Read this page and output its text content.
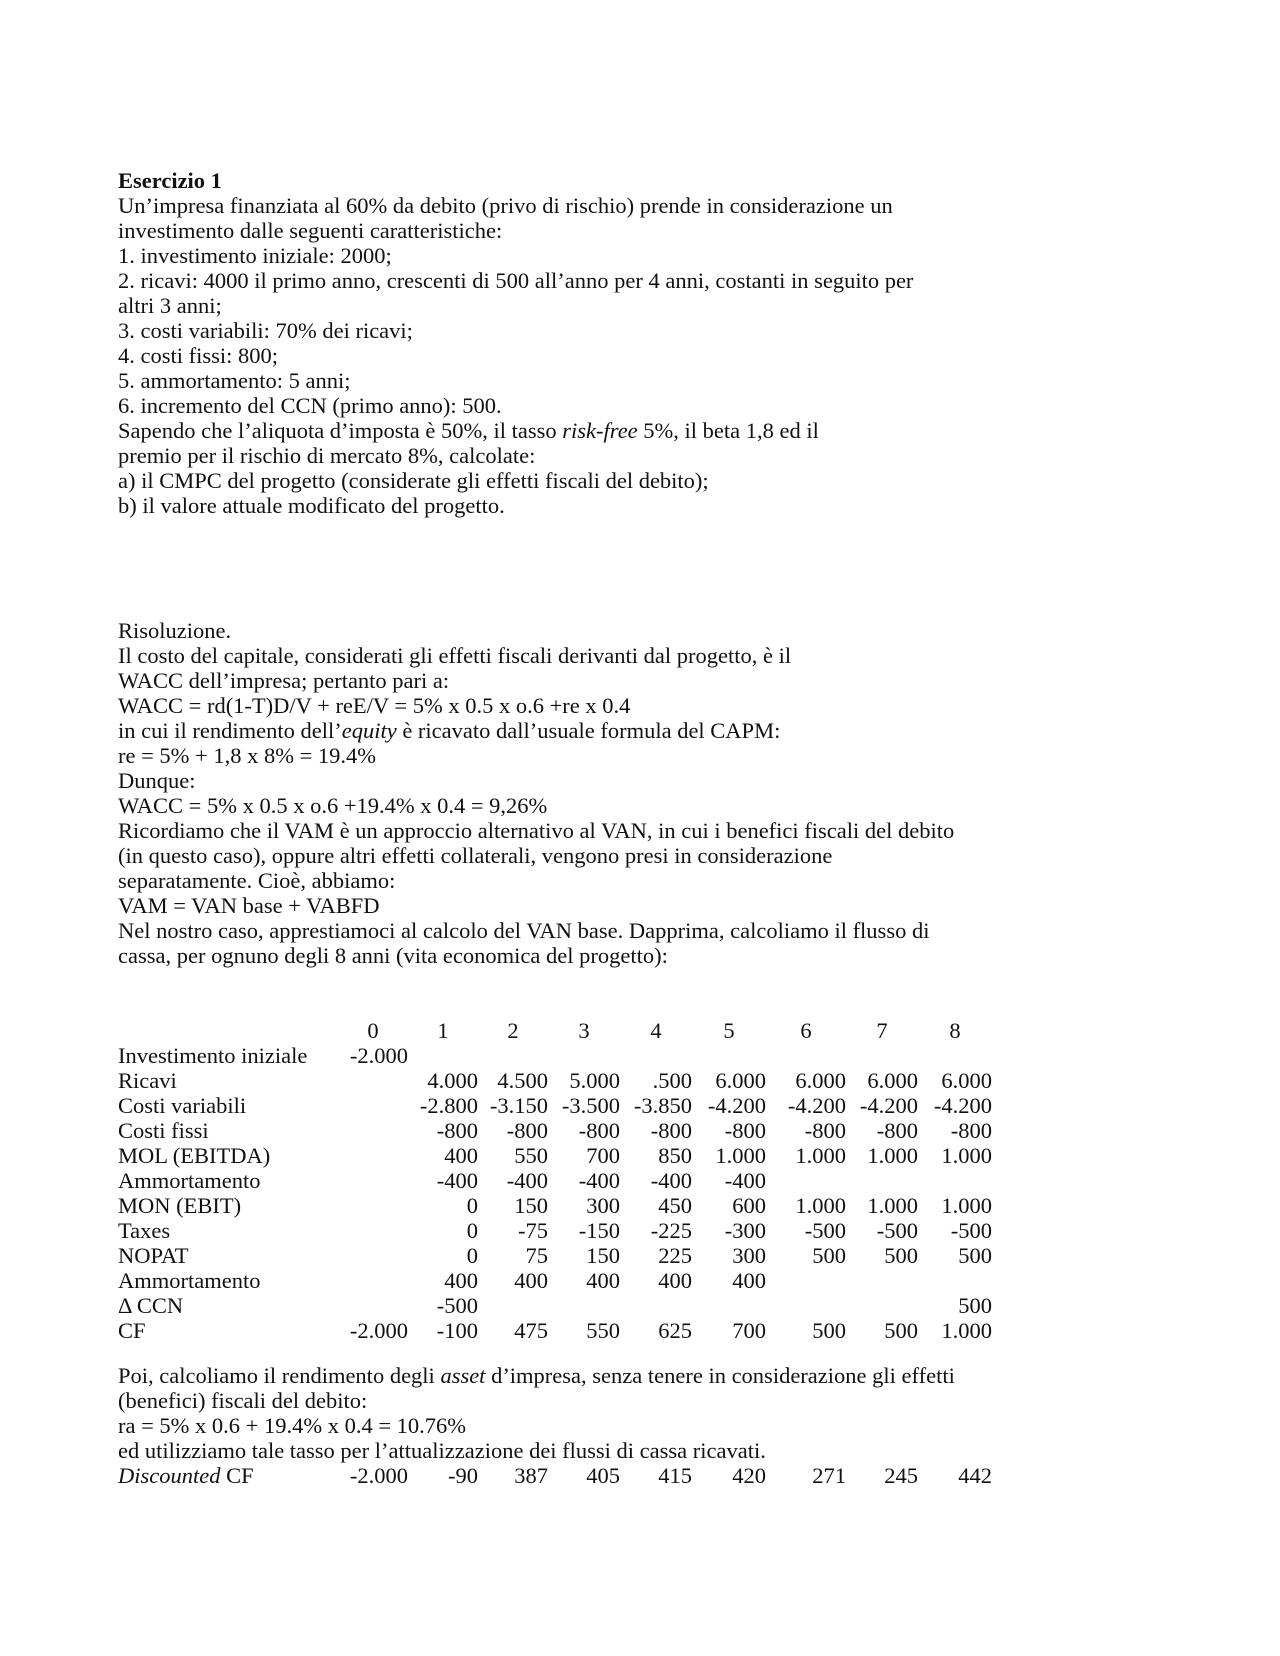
Esercizio 1
Un’impresa finanziata al 60% da debito (privo di rischio) prende in considerazione un
investimento dalle seguenti caratteristiche:
1. investimento iniziale: 2000;
2. ricavi: 4000 il primo anno, crescenti di 500 all’anno per 4 anni, costanti in seguito per
altri 3 anni;
3. costi variabili: 70% dei ricavi;
4. costi fissi: 800;
5. ammortamento: 5 anni;
6. incremento del CCN (primo anno): 500.
Sapendo che l’aliquota d’imposta è 50%, il tasso risk-free 5%, il beta 1,8 ed il
premio per il rischio di mercato 8%, calcolate:
a) il CMPC del progetto (considerate gli effetti fiscali del debito);
b) il valore attuale modificato del progetto.
Risoluzione.
Il costo del capitale, considerati gli effetti fiscali derivanti dal progetto, è il
WACC dell’impresa; pertanto pari a:
WACC = rd(1-T)D/V + reE/V = 5% x 0.5 x o.6 +re x 0.4
in cui il rendimento dell’equity è ricavato dall’usuale formula del CAPM:
re = 5% + 1,8 x 8% = 19.4%
Dunque:
WACC = 5% x 0.5 x o.6 +19.4% x 0.4 = 9,26%
Ricordiamo che il VAM è un approccio alternativo al VAN, in cui i benefici fiscali del debito
(in questo caso), oppure altri effetti collaterali, vengono presi in considerazione
separatamente. Cioè, abbiamo:
VAM = VAN base + VABFD
Nel nostro caso, apprestiamoci al calcolo del VAN base. Dapprima, calcoliamo il flusso di
cassa, per ognuno degli 8 anni (vita economica del progetto):
	0	1	2	3	4	5	6	7	8
Investimento iniziale	-2.000								
Ricavi		4.000	4.500	5.000	.500	6.000	6.000	6.000	6.000
Costi variabili		-2.800	-3.150	-3.500	-3.850	-4.200	-4.200	-4.200	-4.200
Costi fissi		-800	-800	-800	-800	-800	-800	-800	-800
MOL (EBITDA)		400	550	700	850	1.000	1.000	1.000	1.000
Ammortamento		-400	-400	-400	-400	-400			
MON (EBIT)		0	150	300	450	600	1.000	1.000	1.000
Taxes		0	-75	-150	-225	-300	-500	-500	-500
NOPAT		0	75	150	225	300	500	500	500
Ammortamento		400	400	400	400	400			
Δ CCN		-500							500
CF	-2.000	-100	475	550	625	700	500	500	1.000
Poi, calcoliamo il rendimento degli asset d’impresa, senza tenere in considerazione gli effetti
(benefici) fiscali del debito:
ra = 5% x 0.6 + 19.4% x 0.4 = 10.76%
ed utilizziamo tale tasso per l’attualizzazione dei flussi di cassa ricavati.
Discounted CF	-2.000	-90	387	405	415	420	271	245	442
